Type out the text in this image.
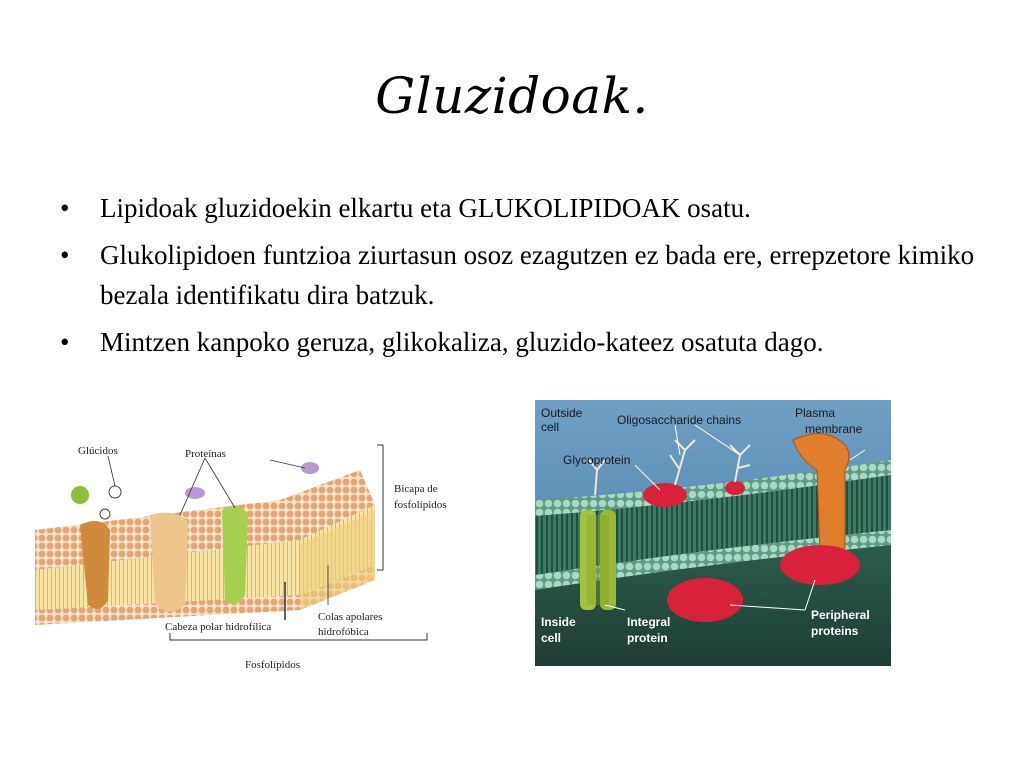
Gluzidoak.
•	Lipidoak gluzidoekin elkartu eta GLUKOLIPIDOAK osatu.
•	Glukolipidoen funtzioa ziurtasun osoz ezagutzen ez bada ere, errepzetore kimiko bezala identifikatu dira batzuk.
•	Mintzen kanpoko geruza, glikokaliza, gluzido-kateez osatuta dago.
Glúcidos	Proteínas
Bicapa de
fosfolípidos
Cabeza polar hidrofílica
Colas apolares
hidrofóbica
Fosfolípidos
Outside
cell	Oligosaccharide chains	Plasma
membrane
Glycoprotein
Inside
cell
Integral
protein
Peripheral
proteins
